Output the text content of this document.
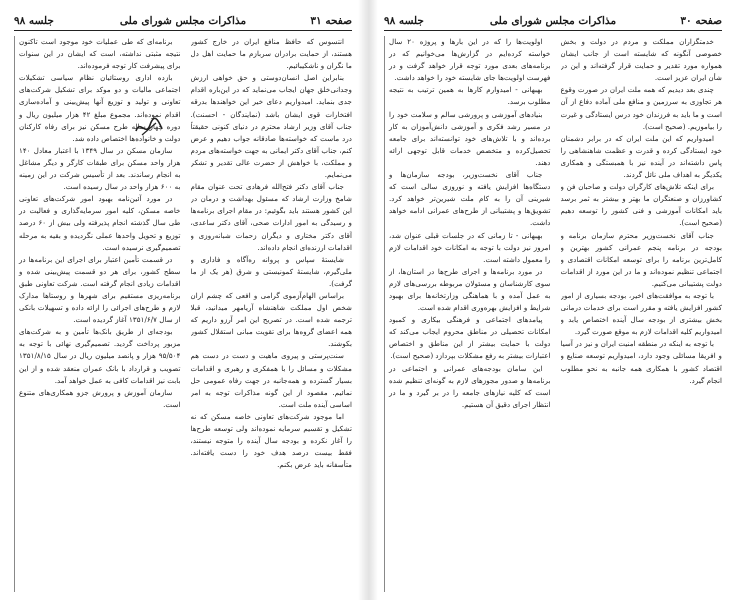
صفحه ۳۱
مذاکرات مجلس شورای ملی
جلسه ۹۸

انتسوس که حافظ منافع ایران در خارج کشور هستند، از حمایت برادران سربازم ما حمایت اهل دل ما نگران و ناشکیبائیم.

بنابراین اصل انسان‌دوستی و حق خواهی ارزش وجدانی‌خلق جهان ایجاب می‌نماید که در این‌باره اقدام جدی بنماید. امیدواریم دعای خیر این خواهندها بدرقه افتخارات قوی‌ ایشان باشد (نمایندگان - احسنت). جناب آقای وزیر ارشاد محترم در دنیای کنونی حقیقتاً درد ماست که خواسته‌ها صادقانه جواب دهیم و عرض کنم، جناب آقای دکتر ایمانی به جهت خواسته‌های مردم و مملکت، با خواهش از حضرت عالی تقدیر و تشکر می‌نمایم.

جناب آقای دکتر فتح‌الله فرهادی تحت عنوان مقام شامخ وزارت ارشاد که مسئول بهداشت و درمان در این کشور هستند باید بگوئیم: در مقام اجرای برنامه‌ها و رسیدگی به امور ادارات صحی، آقای دکتر ساعدی، آقای دکتر مختاری و دیگران زحمات شبانه‌روزی و اقدامات ارزنده‌ای انجام داده‌اند.

شایستۀ سپاس و پروانه ره‌آگاه و فاداری و ملی‌گیرم، شایستۀ کمونیستی و شرق (هر یک از ما گرفت).

براساس الهام‌آزموی گرامی و افعی که چشم اران شخص اول مملکت شاهنشاه آریامهر میدانید، قبلا ترجمه شده است. در تصریح این امر آرزو داریم که همه اعضای گروه‌ها برای تقویت مبانی استقلال کشور بکوشند.

سنت‌پرستی و پیروی ماهیت و دست در دست هم مشکلات و مسائل را با همفکری و رهبری و اقدامات بسیار گسترده و همه‌جانبه در جهت رفاه عمومی حل نمائیم. مقصود از این گونه مذاکرات توجه به امر اساسی آینده ملت است.

اما موجود شرکت‌های تعاونی خاصه مسکن که نه تشکیل و تقسیم سرمایه نموده‌اند ولی توسعه طرح‌ها را آغاز نکرده و بودجه سال آینده را متوجه نیستند، فقط بیست درصد هدف خود را دست یافته‌اند. متأسفانه باید عرض بکنم.

برنامه‌ای که طی عملیات خود موجود است تاکنون نتیجه مثبتی نداشته، است که ایشان در این سنوات برای پیشرفت کار توجه فرموده‌اند.

بازده اداری روستائیان نظام سیاسی تشکیلات اجتماعی مالیات و دو موکد برای تشکیل شرکت‌های تعاونی و تولید و توزیع آنها پیش‌بینی و آماده‌سازی اقدام نموده‌اند. مجموع مبلغ ۴۲ هزار میلیون ریال و دوره چهار ساله طرح مسکن نیز برای رفاه کارکنان دولت و خانواده‌ها اختصاص داده شد.

سازمان مسکن در سال ۱۳۴۹ با اعتبار معادل ۱۴۰ هزار واحد مسکن برای طبقات کارگر و دیگر مشاغل به انجام رساندند. بعد از تأسیس شرکت در این زمینه به ۶۰۰ هزار واحد در سال رسیده است.

در مورد آئین‌نامه بهبود امور شرکت‌های تعاونی خاصه مسکن، کلیه امور سرمایه‌گذاری و فعالیت در طی سال گذشته انجام پذیرفته ولی بیش از ۶۰ درصد توزیع و تحویل واحدها عملی نگردیده و بقیه به مرحله تصمیم‌گیری نرسیده است.

در قسمت تأمین اعتبار برای اجرای این برنامه‌ها در سطح کشور، برای هر دو قسمت پیش‌بینی شده و اقدامات زیادی انجام گرفته است. شرکت تعاونی طبق برنامه‌ریزی مستقیم برای شهرها و روستاها مدارک لازم و طرح‌های اجرائی را ارائه داده و تسهیلات بانکی از سال ۱۳۵۱/۶/۷ آغاز گردیده است.

بودجه‌ای از طریق بانک‌ها تأمین و به شرکت‌های مزبور پرداخت گردید. تصمیم‌گیری نهائی با توجه به ۹۵/۵۰۴ هزار و پانصد میلیون ریال در سال ۱۳۵۱/۸/۱۵ تصویب و قرارداد با بانک عمران منعقد شده و از این بابت نیز اقدامات کافی به عمل خواهد آمد.

سازمان آموزش و پرورش جزو همکاری‌های متنوع است.

صفحه ۳۰
مذاکرات مجلس شورای ملی
جلسه ۹۸

خدمتگزاران مملکت و مردم در دولت و بخش خصوصی آنگونه که شایسته است از جانب ایشان همواره مورد تقدیر و حمایت قرار گرفته‌اند و این در شأن ایران عزیز است.

چندی بعد دیدیم که همه ملت ایران در صورت وقوع هر تجاوزی به سرزمین و منافع ملی آماده دفاع از آن است و ما باید به فرزندان خود درس ایستادگی و غیرت را بیاموزیم. (صحیح است).

امیدواریم که این ملت ایران که در برابر دشمنان خود ایستادگی کرده و قدرت و عظمت شاهنشاهی را پاس داشته‌اند در آینده نیز با همبستگی و همکاری یکدیگر به اهداف ملی نائل گردند.

برای اینکه تلاش‌های کارگران دولت و صاحبان فن و کشاورزان و صنعتگران ما بهتر و بیشتر به ثمر برسد باید امکانات آموزشی و فنی کشور را توسعه دهیم (صحیح است).

جناب آقای نخست‌وزیر محترم سازمان برنامه و بودجه در برنامه پنجم عمرانی کشور بهترین و کامل‌ترین برنامه را برای توسعه امکانات اقتصادی و اجتماعی تنظیم نموده‌اند و ما در این مورد از اقدامات دولت پشتیبانی می‌کنیم.

با توجه به موافقت‌های اخیر، بودجه بسیاری از امور کشور افزایش یافته و مقرر است برای خدمات درمانی بخش بیشتری از بودجه سال آینده اختصاص یابد و امیدواریم کلیه اقدامات لازم به موقع صورت گیرد.

با توجه به اینکه در منطقه امنیت ایران و نیز در آسیا و افریقا مسائلی وجود دارد، امیدواریم توسعه صنایع و اقتصاد کشور با همکاری همه جانبه به نحو مطلوب انجام گیرد.

اولویت‌ها را که در این بارها و پروژه ۲۰ سال خواسته کرده‌ایم در گزارش‌ها می‌خوانیم که در برنامه‌های بعدی مورد توجه قرار خواهد گرفت و در فهرست اولویت‌ها جای شایسته خود را خواهد داشت.

بهبهانی - امیدوارم کارها به همین ترتیب به نتیجه مطلوب برسد.

بنیاد‌های آموزشی و پرورشی سالم و سلامت خود را در مسیر رشد فکری و آموزشی دانش‌آموزان به کار برده‌اند و با تلاش‌های خود توانسته‌اند برای جامعه تحصیل‌کرده و متخصص خدمات قابل توجهی ارائه دهند.

جناب آقای نخست‌وزیر، بودجه سازمان‌ها و دستگاه‌ها افزایش یافته و نوروزی سالی است که شیرینی آن را به کام ملت شیرین‌تر خواهد کرد. تشویق‌ها و پشتیبانی از طرح‌های عمرانی ادامه خواهد داشت.

بهبهانی - تا زمانی که در جلسات قبلی عنوان شد، امروز نیز دولت با توجه به امکانات خود اقدامات لازم را معمول داشته است.

در مورد برنامه‌ها و اجرای طرح‌ها در استان‌ها، از سوی کارشناسان و مسئولان مربوطه بررسی‌های لازم به عمل آمده و با هماهنگی وزارتخانه‌ها برای بهبود شرایط و افزایش بهره‌وری اقدام شده است.

پیامدهای اجتماعی و فرهنگی بیکاری و کمبود امکانات تحصیلی در مناطق محروم ایجاب می‌کند که دولت با حمایت بیشتر از این مناطق و اختصاص اعتبارات بیشتر به رفع مشکلات بپردازد (صحیح است).

این سامان بودجه‌های عمرانی و اجتماعی در برنامه‌ها و صدور مجوزهای لازم به گونه‌ای تنظیم شده است که کلیه نیازهای جامعه را در بر گیرد و ما در انتظار اجرای دقیق آن هستیم.
